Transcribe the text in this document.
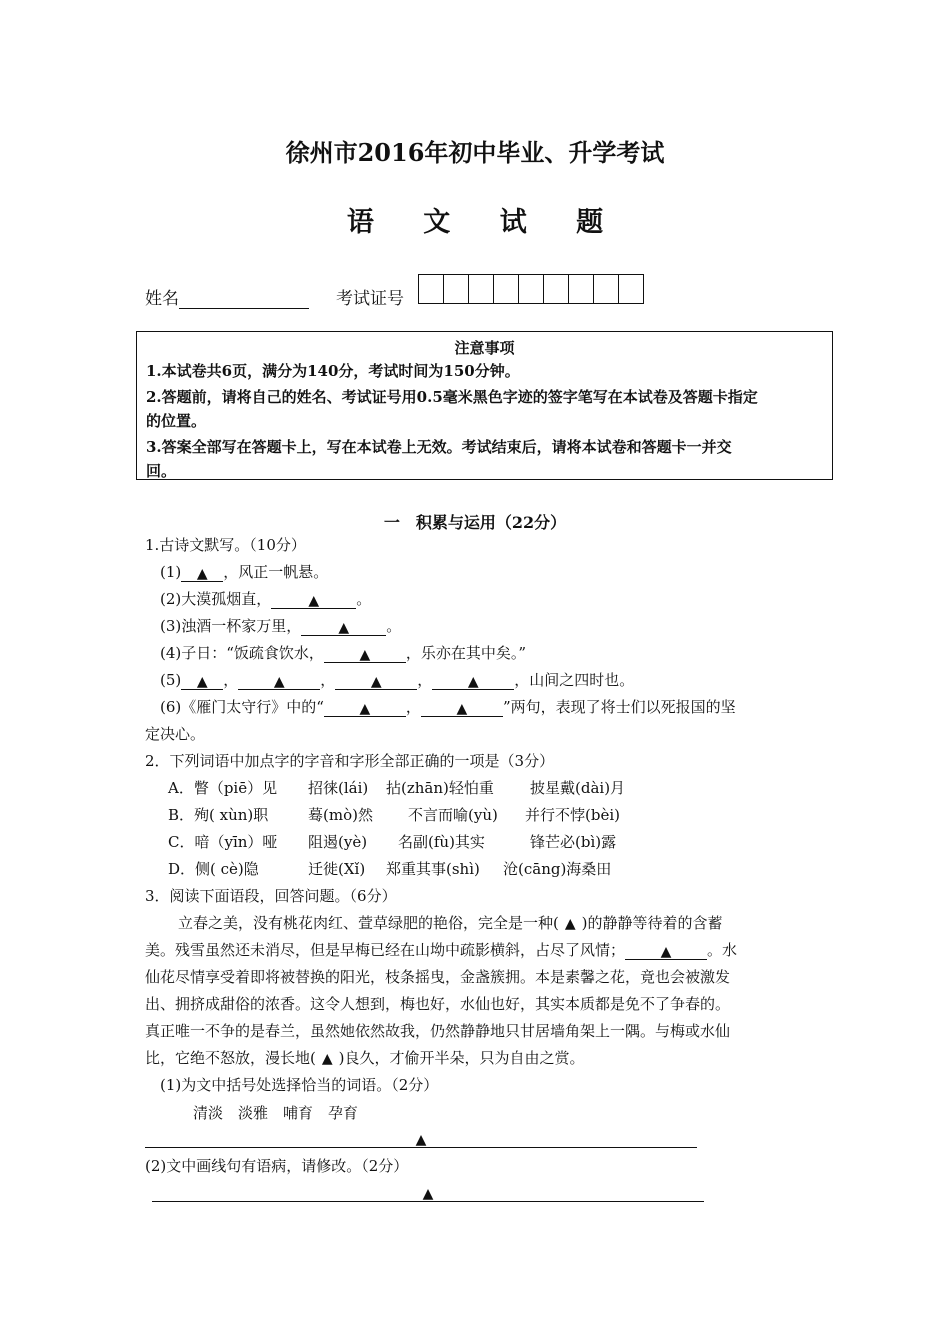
徐州市2016年初中毕业、升学考试
语 文 试 题
姓名	考试证号
注意事项
1.本试卷共6页，满分为140分，考试时间为150分钟。
2.答题前，请将自己的姓名、考试证号用0.5毫米黑色字迹的签字笔写在本试卷及答题卡指定
的位置。
3.答案全部写在答题卡上，写在本试卷上无效。考试结束后，请将本试卷和答题卡一并交
回。
一　积累与运用（22分）
1.古诗文默写。（10分）
(1) ▲ ，风正一帆悬。
(2)大漠孤烟直，	▲ 。
(3)浊酒一杯家万里，	▲ 。
(4)子日：“饭疏食饮水，	▲ ，乐亦在其中矣。”
(5) ▲ ，	▲ ，	▲ ，	▲ ，山间之四时也。
(6)《雁门太守行》中的“	▲ ，	▲ ”两句，表现了将士们以死报国的坚
定决心。
2．下列词语中加点字的字音和字形全部正确的一项是（3分）
A．瞥（piē）见 招徕(lái) 拈(zhān)轻怕重 披星戴(dài)月
B．殉( xùn)职	蓦(mò)然 不言而喻(yù) 并行不悖(bèi)
C．喑（yīn）哑 阻遏(yè) 名副(fù)其实	锋芒必(bì)露
D．侧( cè)隐	迁徙(Xǐ) 郑重其事(shì) 沧(cāng)海桑田
3．阅读下面语段，回答问题。（6分）
立春之美，没有桃花肉红、萱草绿肥的艳俗，完全是一种( ▲ )的静静等待着的含蓄
美。残雪虽然还未消尽，但是早梅已经在山坳中疏影横斜，占尽了风情；	▲ 。水
仙花尽情享受着即将被替换的阳光，枝条摇曳，金盏簇拥。本是素馨之花，竟也会被激发
出、拥挤成甜俗的浓香。这令人想到，梅也好，水仙也好，其实本质都是免不了争春的。
真正唯一不争的是春兰，虽然她依然故我，仍然静静地只甘居墙角架上一隅。与梅或水仙
比，它绝不怒放，漫长地( ▲ )良久，才偷开半朵，只为自由之赏。
(1)为文中括号处选择恰当的词语。（2分）
清淡　淡雅　哺育　孕育
▲
(2)文中画线句有语病，请修改。（2分）
▲
